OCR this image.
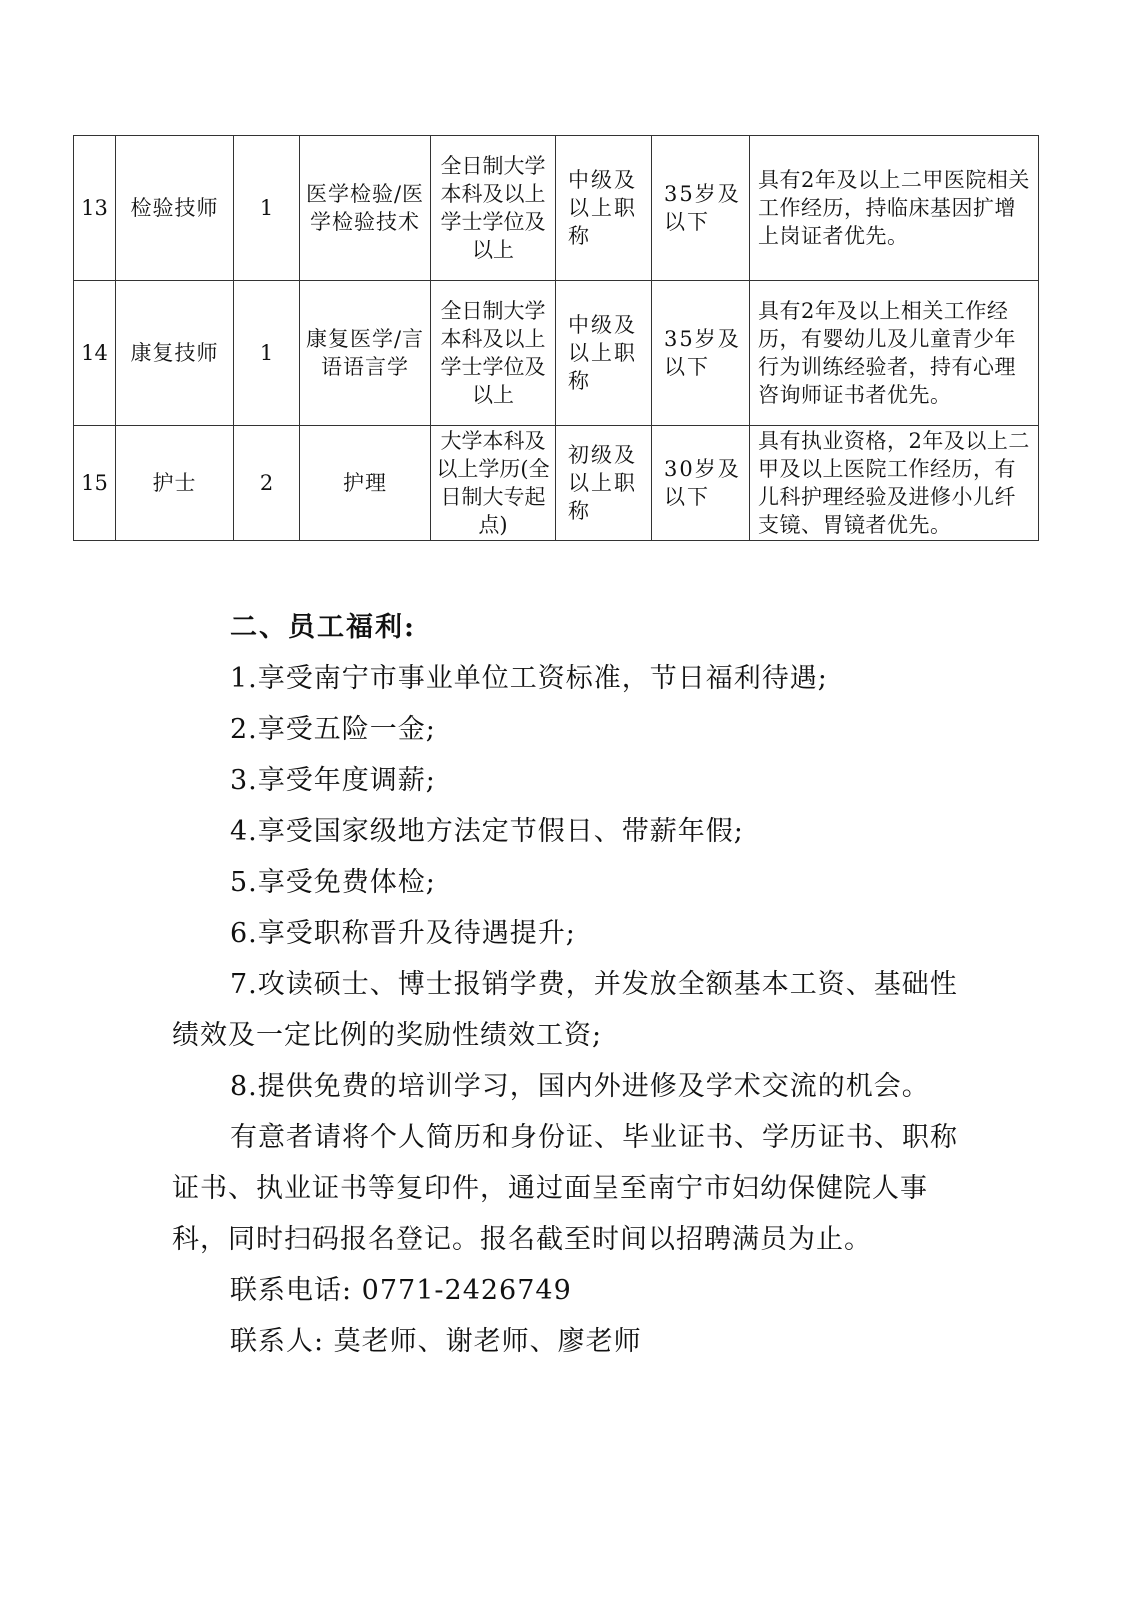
13	检验技师	1	医学检验/医学检验技术	全日制大学本科及以上学士学位及以上	中级及以上职称	35岁及以下	具有2年及以上二甲医院相关工作经历，持临床基因扩增上岗证者优先。
14	康复技师	1	康复医学/言语语言学	全日制大学本科及以上学士学位及以上	中级及以上职称	35岁及以下	具有2年及以上相关工作经历，有婴幼儿及儿童青少年行为训练经验者，持有心理咨询师证书者优先。
15	护士	2	护理	大学本科及以上学历(全日制大专起点)	初级及以上职称	30岁及以下	具有执业资格，2年及以上二甲及以上医院工作经历，有儿科护理经验及进修小儿纤支镜、胃镜者优先。
二、员工福利:
1.享受南宁市事业单位工资标准，节日福利待遇;
2.享受五险一金;
3.享受年度调薪;
4.享受国家级地方法定节假日、带薪年假;
5.享受免费体检;
6.享受职称晋升及待遇提升;
7.攻读硕士、博士报销学费，并发放全额基本工资、基础性绩效及一定比例的奖励性绩效工资;
8.提供免费的培训学习，国内外进修及学术交流的机会。
有意者请将个人简历和身份证、毕业证书、学历证书、职称证书、执业证书等复印件，通过面呈至南宁市妇幼保健院人事科，同时扫码报名登记。报名截至时间以招聘满员为止。
联系电话: 0771-2426749
联系人: 莫老师、谢老师、廖老师
